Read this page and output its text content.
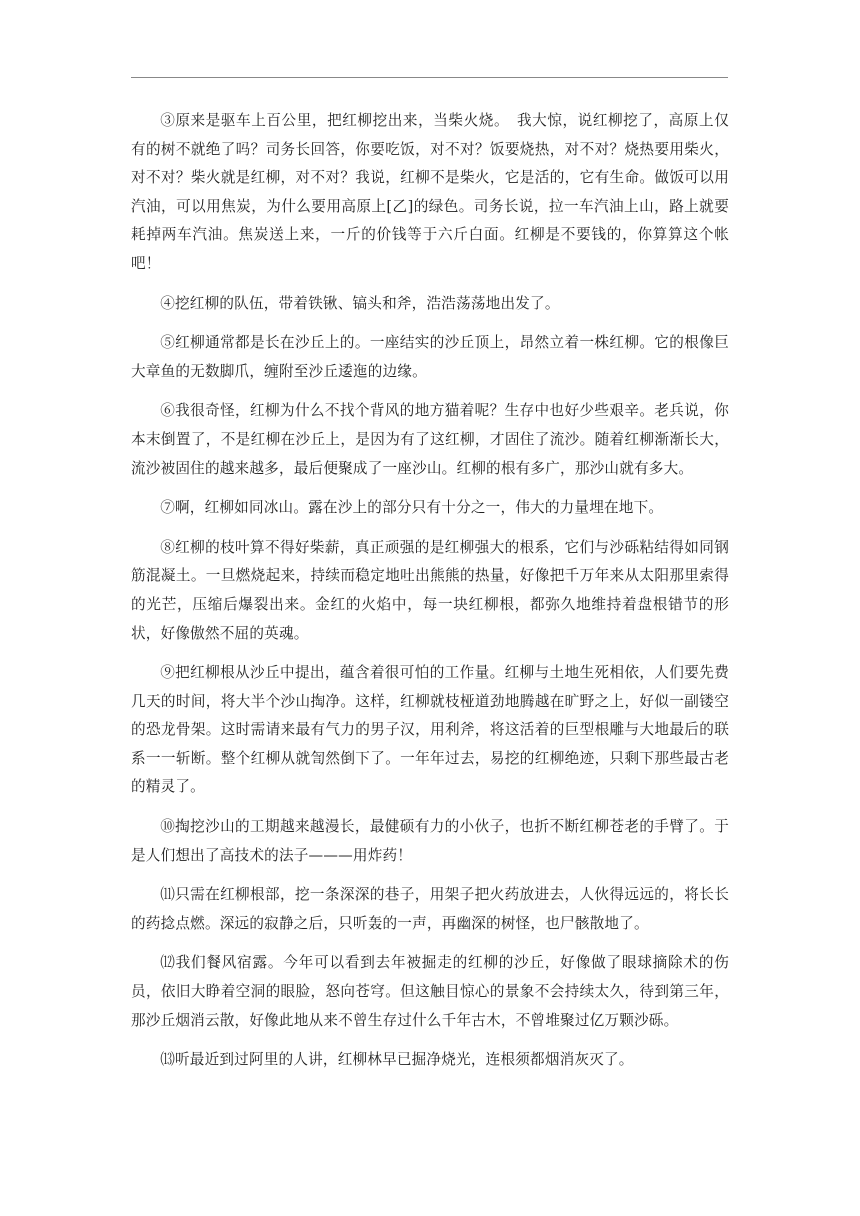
③原来是驱车上百公里，把红柳挖出来，当柴火烧。　我大惊，说红柳挖了，高原上仅有的树不就绝了吗？司务长回答，你要吃饭，对不对？饭要烧热，对不对？烧热要用柴火，对不对？柴火就是红柳，对不对？我说，红柳不是柴火，它是活的，它有生命。做饭可以用汽油，可以用焦炭，为什么要用高原上[乙]的绿色。司务长说，拉一车汽油上山，路上就要耗掉两车汽油。焦炭送上来，一斤的价钱等于六斤白面。红柳是不要钱的，你算算这个帐吧！

④挖红柳的队伍，带着铁锹、镐头和斧，浩浩荡荡地出发了。

⑤红柳通常都是长在沙丘上的。一座结实的沙丘顶上，昂然立着一株红柳。它的根像巨大章鱼的无数脚爪，缠附至沙丘逶迤的边缘。

⑥我很奇怪，红柳为什么不找个背风的地方猫着呢？生存中也好少些艰辛。老兵说，你本末倒置了，不是红柳在沙丘上，是因为有了这红柳，才固住了流沙。随着红柳渐渐长大，流沙被固住的越来越多，最后便聚成了一座沙山。红柳的根有多广，那沙山就有多大。

⑦啊，红柳如同冰山。露在沙上的部分只有十分之一，伟大的力量埋在地下。

⑧红柳的枝叶算不得好柴薪，真正顽强的是红柳强大的根系，它们与沙砾粘结得如同钢筋混凝土。一旦燃烧起来，持续而稳定地吐出熊熊的热量，好像把千万年来从太阳那里索得的光芒，压缩后爆裂出来。金红的火焰中，每一块红柳根，都弥久地维持着盘根错节的形状，好像傲然不屈的英魂。

⑨把红柳根从沙丘中提出，蕴含着很可怕的工作量。红柳与土地生死相依，人们要先费几天的时间，将大半个沙山掏净。这样，红柳就枝桠道劲地腾越在旷野之上，好似一副镂空的恐龙骨架。这时需请来最有气力的男子汉，用利斧，将这活着的巨型根雕与大地最后的联系一一斩断。整个红柳从就訇然倒下了。一年年过去，易挖的红柳绝迹，只剩下那些最古老的精灵了。

⑩掏挖沙山的工期越来越漫长，最健硕有力的小伙子，也折不断红柳苍老的手臂了。于是人们想出了高技术的法子———用炸药！

⑾只需在红柳根部，挖一条深深的巷子，用架子把火药放进去，人伙得远远的，将长长的药捻点燃。深远的寂静之后，只听轰的一声，再幽深的树怪，也尸骸散地了。

⑿我们餐风宿露。今年可以看到去年被掘走的红柳的沙丘，好像做了眼球摘除术的伤员，依旧大睁着空洞的眼脸，怒向苍穹。但这触目惊心的景象不会持续太久，待到第三年，那沙丘烟消云散，好像此地从来不曾生存过什么千年古木，不曾堆聚过亿万颗沙砾。

⒀听最近到过阿里的人讲，红柳林早已掘净烧光，连根须都烟消灰灭了。
